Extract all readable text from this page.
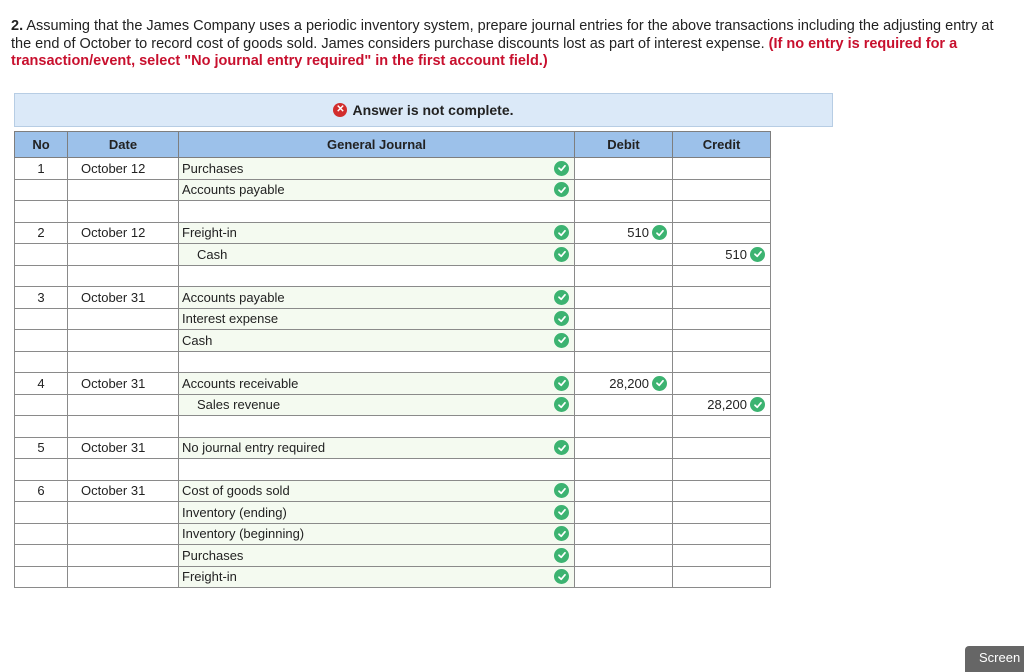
2. Assuming that the James Company uses a periodic inventory system, prepare journal entries for the above transactions including the adjusting entry at the end of October to record cost of goods sold. James considers purchase discounts lost as part of interest expense. (If no entry is required for a transaction/event, select "No journal entry required" in the first account field.)
✕ Answer is not complete.
No	Date	General Journal	Debit	Credit
1	October 12	Purchases		

		Accounts payable		

2	October 12	Freight-in	510	

		Cash		510

3	October 31	Accounts payable		

		Interest expense		

		Cash		

4	October 31	Accounts receivable	28,200	

		Sales revenue		28,200

5	October 31	No journal entry required		

6	October 31	Cost of goods sold		

		Inventory (ending)		

		Inventory (beginning)		

		Purchases		

		Freight-in		

Screen
